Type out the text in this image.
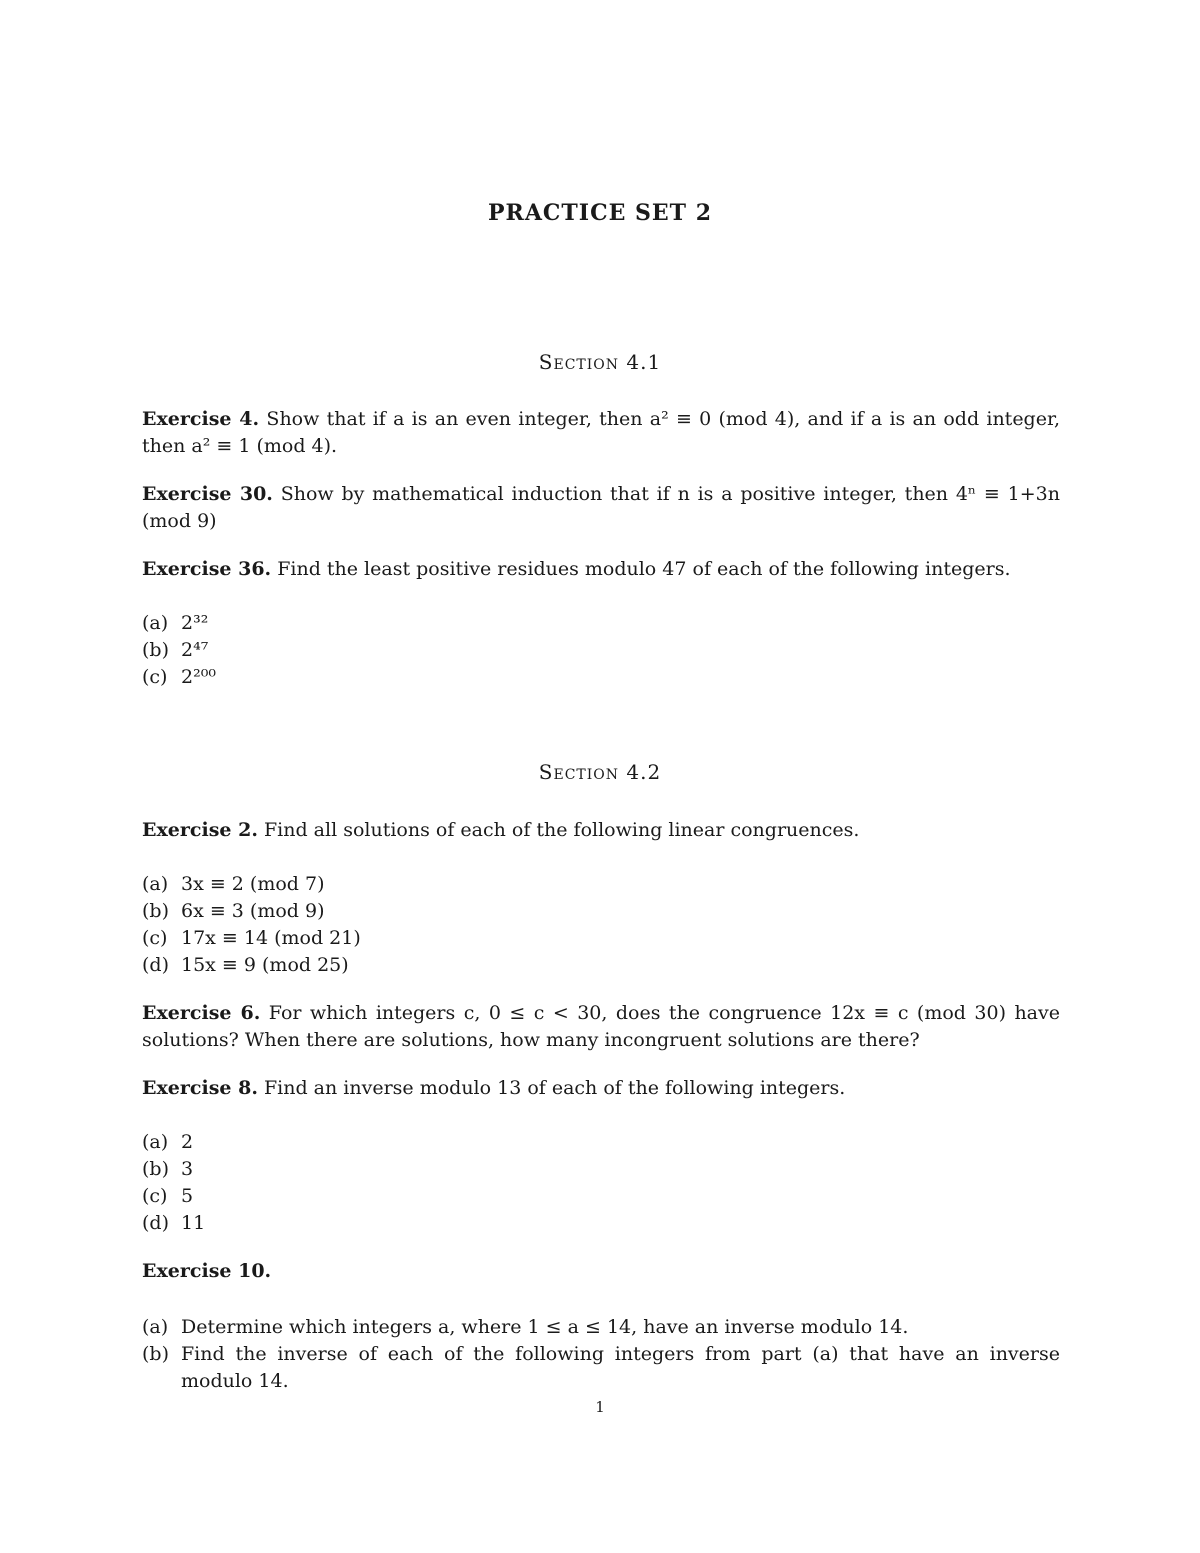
PRACTICE SET 2
Section 4.1
Exercise 4. Show that if a is an even integer, then a² ≡ 0 (mod 4), and if a is an odd integer, then a² ≡ 1 (mod 4).
Exercise 30. Show by mathematical induction that if n is a positive integer, then 4ⁿ ≡ 1+3n (mod 9)
Exercise 36. Find the least positive residues modulo 47 of each of the following integers.
(a) 2³²
(b) 2⁴⁷
(c) 2²⁰⁰
Section 4.2
Exercise 2. Find all solutions of each of the following linear congruences.
(a) 3x ≡ 2 (mod 7)
(b) 6x ≡ 3 (mod 9)
(c) 17x ≡ 14 (mod 21)
(d) 15x ≡ 9 (mod 25)
Exercise 6. For which integers c, 0 ≤ c < 30, does the congruence 12x ≡ c (mod 30) have solutions? When there are solutions, how many incongruent solutions are there?
Exercise 8. Find an inverse modulo 13 of each of the following integers.
(a) 2
(b) 3
(c) 5
(d) 11
Exercise 10.
(a) Determine which integers a, where 1 ≤ a ≤ 14, have an inverse modulo 14.
(b) Find the inverse of each of the following integers from part (a) that have an inverse modulo 14.
1
